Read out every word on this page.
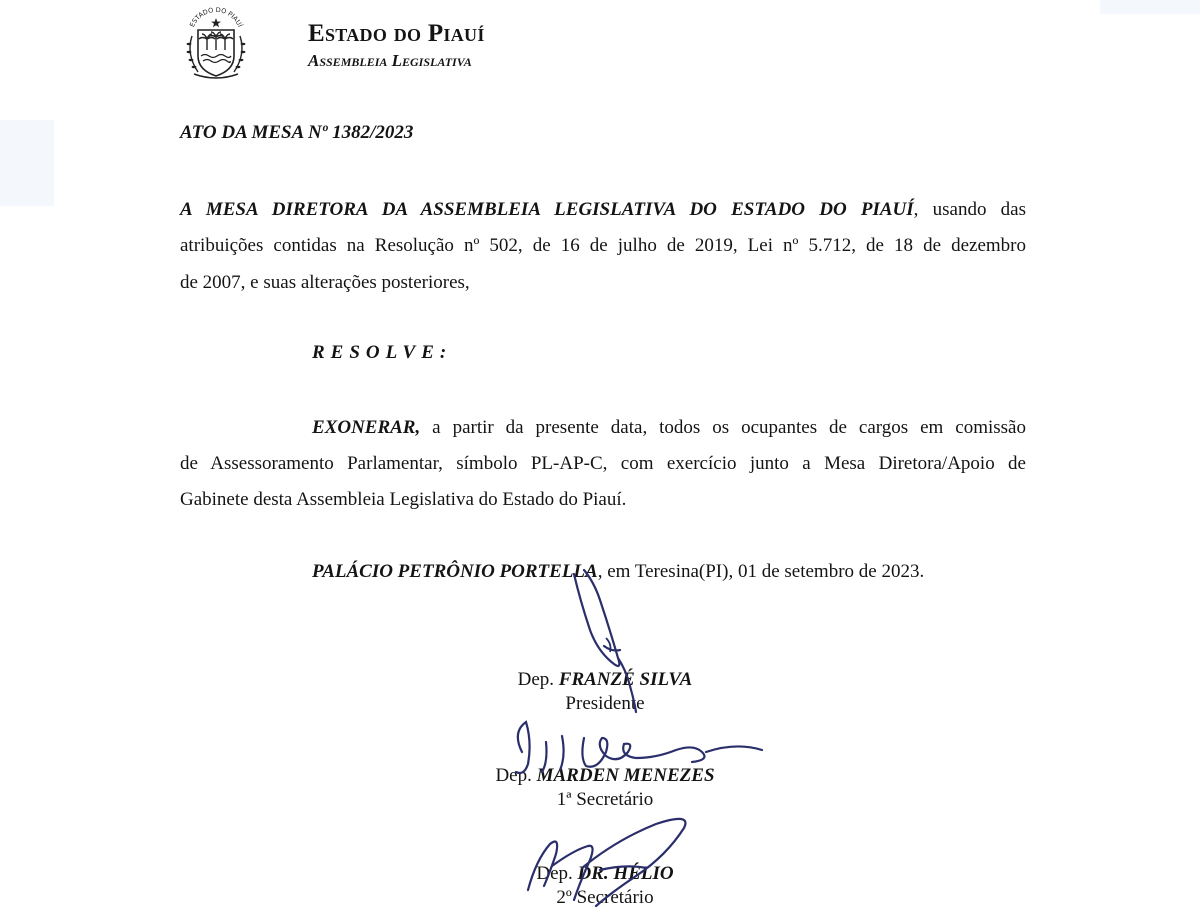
ESTADO DO PIAUÍ	Estado do Piauí
Assembleia Legislativa
ATO DA MESA Nº 1382/2023
A MESA DIRETORA DA ASSEMBLEIA LEGISLATIVA DO ESTADO DO PIAUÍ, usando das
atribuições contidas na Resolução nº 502, de 16 de julho de 2019, Lei nº 5.712, de 18 de dezembro
de 2007, e suas alterações posteriores,
RESOLVE:
EXONERAR, a partir da presente data, todos os ocupantes de cargos em comissão
de Assessoramento Parlamentar, símbolo PL-AP-C, com exercício junto a Mesa Diretora/Apoio de
Gabinete desta Assembleia Legislativa do Estado do Piauí.
PALÁCIO PETRÔNIO PORTELLA, em Teresina(PI), 01 de setembro de 2023.
Dep. FRANZÉ SILVA
Presidente
Dep. MARDEN MENEZES
1ª Secretário
Dep. DR. HÉLIO
2º Secretário
